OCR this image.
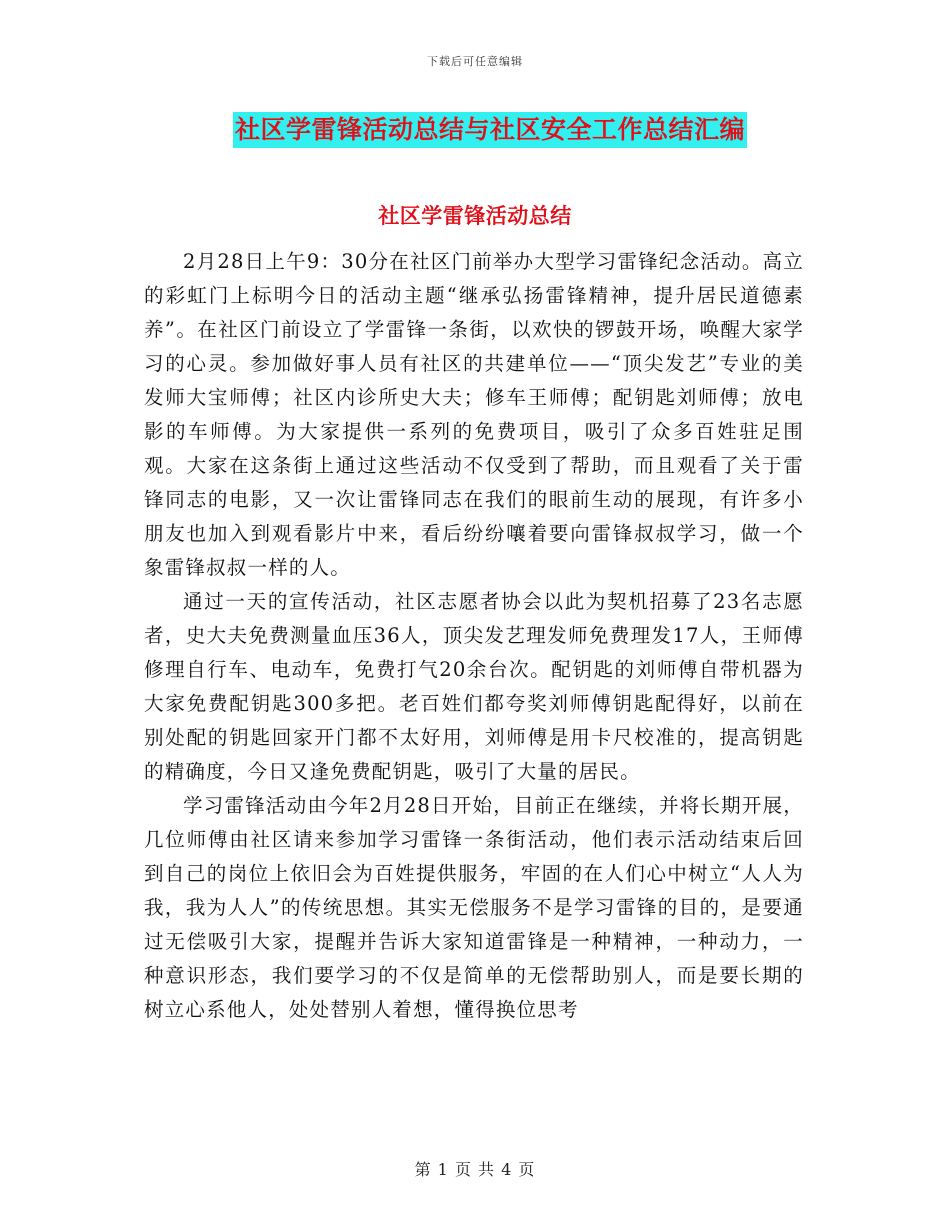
下载后可任意编辑
社区学雷锋活动总结与社区安全工作总结汇编
社区学雷锋活动总结

2月28日上午9：30分在社区门前举办大型学习雷锋纪念活动。高立的彩虹门上标明今日的活动主题“继承弘扬雷锋精神，提升居民道德素养”。在社区门前设立了学雷锋一条街，以欢快的锣鼓开场，唤醒大家学习的心灵。参加做好事人员有社区的共建单位——“顶尖发艺”专业的美发师大宝师傅；社区内诊所史大夫；修车王师傅；配钥匙刘师傅；放电影的车师傅。为大家提供一系列的免费项目，吸引了众多百姓驻足围观。大家在这条街上通过这些活动不仅受到了帮助，而且观看了关于雷锋同志的电影，又一次让雷锋同志在我们的眼前生动的展现，有许多小朋友也加入到观看影片中来，看后纷纷嚷着要向雷锋叔叔学习，做一个象雷锋叔叔一样的人。

通过一天的宣传活动，社区志愿者协会以此为契机招募了23名志愿者，史大夫免费测量血压36人，顶尖发艺理发师免费理发17人，王师傅修理自行车、电动车，免费打气20余台次。配钥匙的刘师傅自带机器为大家免费配钥匙300多把。老百姓们都夸奖刘师傅钥匙配得好，以前在别处配的钥匙回家开门都不太好用，刘师傅是用卡尺校准的，提高钥匙的精确度，今日又逢免费配钥匙，吸引了大量的居民。

学习雷锋活动由今年2月28日开始，目前正在继续，并将长期开展，几位师傅由社区请来参加学习雷锋一条街活动，他们表示活动结束后回到自己的岗位上依旧会为百姓提供服务，牢固的在人们心中树立“人人为我，我为人人”的传统思想。其实无偿服务不是学习雷锋的目的，是要通过无偿吸引大家，提醒并告诉大家知道雷锋是一种精神，一种动力，一种意识形态，我们要学习的不仅是简单的无偿帮助别人，而是要长期的树立心系他人，处处替别人着想，懂得换位思考

第 1 页 共 4 页
